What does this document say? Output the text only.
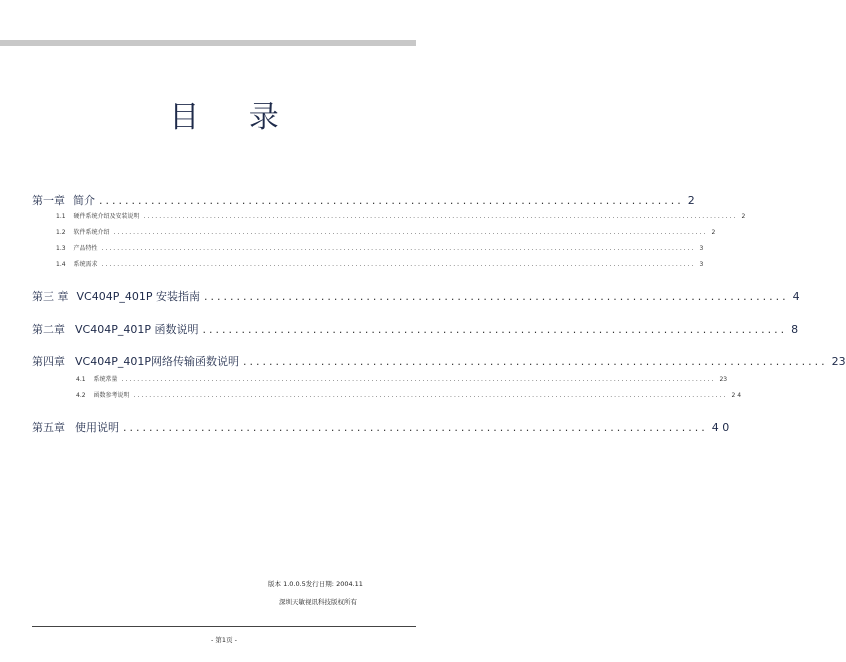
目 录
第一章 简介 .......................................................................................... 2
1.1 硬件系统介绍及安装说明 ........................................................................................................................................................ 2
1.2 软件系统介绍 ........................................................................................................................................................ 2
1.3 产品特性 ........................................................................................................................................................ 3
1.4 系统需求 ........................................................................................................................................................ 3
第三 章 VC404P_401P 安装指南 .......................................................................................... 4
第二章 VC404P_401P 函数说明 .......................................................................................... 8
第四章 VC404P_401P网络传输函数说明 .......................................................................................... 23
4.1 系统常量 ........................................................................................................................................................ 23
4.2 函数参考说明 ........................................................................................................................................................ 2 4
第五章 使用说明 .......................................................................................... 4 0
版本 1.0.0.5发行日期: 2004.11
深圳天敏视讯科技版权所有
- 第1页 -
